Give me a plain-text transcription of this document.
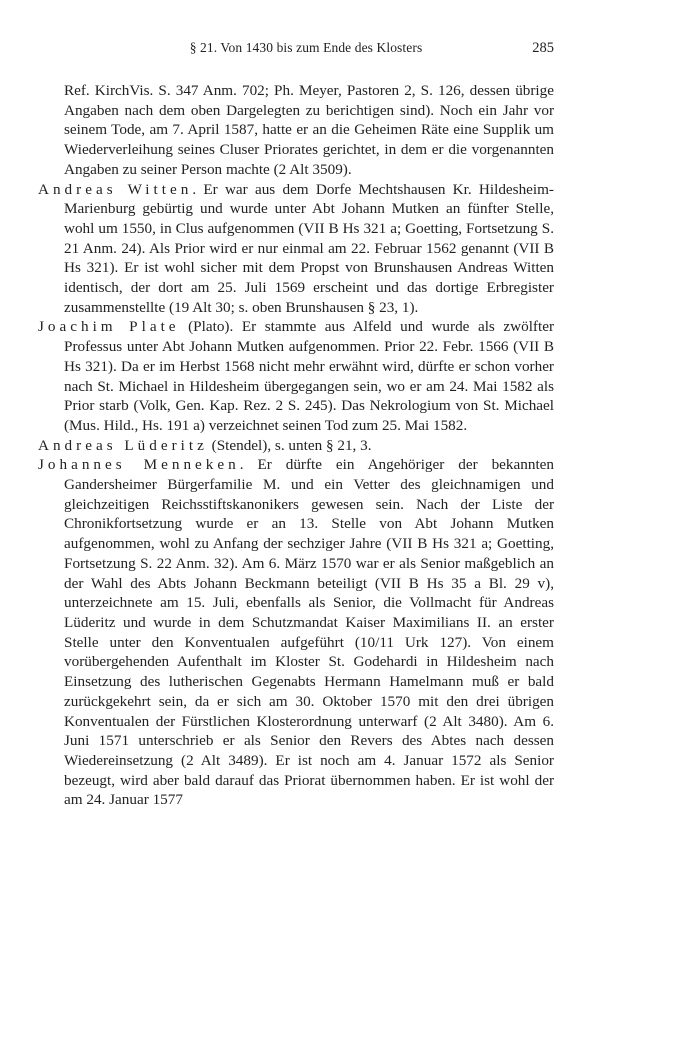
§ 21. Von 1430 bis zum Ende des Klosters	285

Ref. KirchVis. S. 347 Anm. 702; Ph. Meyer, Pastoren 2, S. 126, dessen übrige Angaben nach dem oben Dargelegten zu berichtigen sind). Noch ein Jahr vor seinem Tode, am 7. April 1587, hatte er an die Geheimen Räte eine Supplik um Wiederverleihung seines Cluser Priorates gerichtet, in dem er die vorgenannten Angaben zu seiner Person machte (2 Alt 3509).

Andreas Witten. Er war aus dem Dorfe Mechtshausen Kr. Hildesheim-Marienburg gebürtig und wurde unter Abt Johann Mutken an fünfter Stelle, wohl um 1550, in Clus aufgenommen (VII B Hs 321 a; Goetting, Fortsetzung S. 21 Anm. 24). Als Prior wird er nur einmal am 22. Februar 1562 genannt (VII B Hs 321). Er ist wohl sicher mit dem Propst von Brunshausen Andreas Witten identisch, der dort am 25. Juli 1569 erscheint und das dortige Erbregister zusammenstellte (19 Alt 30; s. oben Brunshausen § 23, 1).

Joachim Plate (Plato). Er stammte aus Alfeld und wurde als zwölfter Professus unter Abt Johann Mutken aufgenommen. Prior 22. Febr. 1566 (VII B Hs 321). Da er im Herbst 1568 nicht mehr erwähnt wird, dürfte er schon vorher nach St. Michael in Hildesheim übergegangen sein, wo er am 24. Mai 1582 als Prior starb (Volk, Gen. Kap. Rez. 2 S. 245). Das Nekrologium von St. Michael (Mus. Hild., Hs. 191 a) verzeichnet seinen Tod zum 25. Mai 1582.

Andreas Lüderitz (Stendel), s. unten § 21, 3.

Johannes Menneken. Er dürfte ein Angehöriger der bekannten Gandersheimer Bürgerfamilie M. und ein Vetter des gleichnamigen und gleichzeitigen Reichsstiftskanonikers gewesen sein. Nach der Liste der Chronikfortsetzung wurde er an 13. Stelle von Abt Johann Mutken aufgenommen, wohl zu Anfang der sechziger Jahre (VII B Hs 321 a; Goetting, Fortsetzung S. 22 Anm. 32). Am 6. März 1570 war er als Senior maßgeblich an der Wahl des Abts Johann Beckmann beteiligt (VII B Hs 35 a Bl. 29 v), unterzeichnete am 15. Juli, ebenfalls als Senior, die Vollmacht für Andreas Lüderitz und wurde in dem Schutzmandat Kaiser Maximilians II. an erster Stelle unter den Konventualen aufgeführt (10/11 Urk 127). Von einem vorübergehenden Aufenthalt im Kloster St. Godehardi in Hildesheim nach Einsetzung des lutherischen Gegenabts Hermann Hamelmann muß er bald zurückgekehrt sein, da er sich am 30. Oktober 1570 mit den drei übrigen Konventualen der Fürstlichen Klosterordnung unterwarf (2 Alt 3480). Am 6. Juni 1571 unterschrieb er als Senior den Revers des Abtes nach dessen Wiedereinsetzung (2 Alt 3489). Er ist noch am 4. Januar 1572 als Senior bezeugt, wird aber bald darauf das Priorat übernommen haben. Er ist wohl der am 24. Januar 1577
